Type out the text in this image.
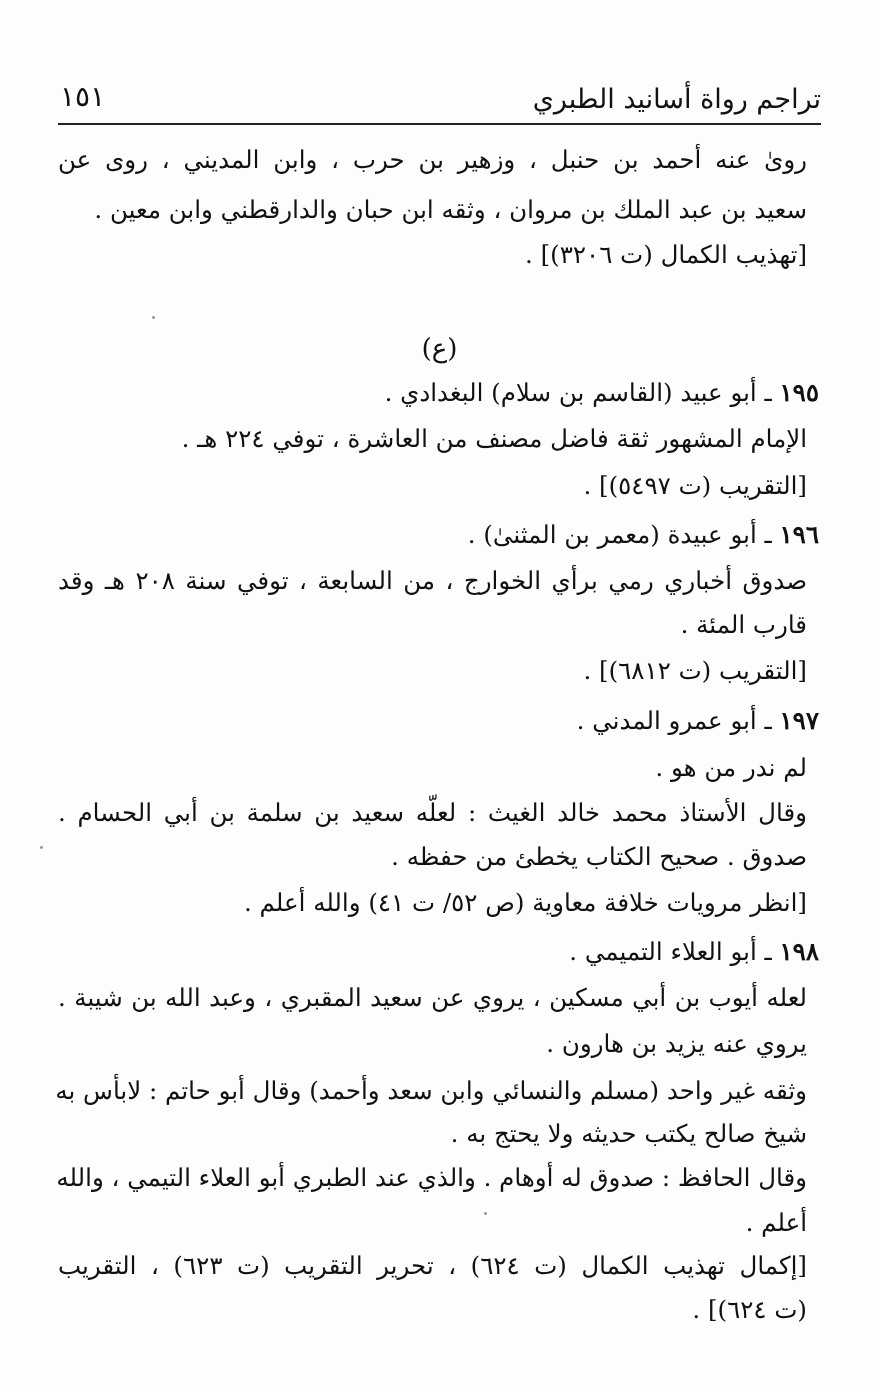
تراجم رواة أسانيد الطبري
١٥١
رویٰ عنه أحمد بن حنبل ، وزهير بن حرب ، وابن المديني ، روى عن
سعيد بن عبد الملك بن مروان ، وثقه ابن حبان والدارقطني وابن معين .
[تهذيب الكمال (ت ٣٢٠٦)] .
(ع)
١٩٥ ـ أبو عبيد (القاسم بن سلام) البغدادي .
الإمام المشهور ثقة فاضل مصنف من العاشرة ، توفي ٢٢٤ هـ .
[التقريب (ت ٥٤٩٧)] .
١٩٦ ـ أبو عبيدة (معمر بن المثنىٰ) .
صدوق أخباري رمي برأي الخوارج ، من السابعة ، توفي سنة ٢٠٨ هـ وقد
قارب المئة .
[التقريب (ت ٦٨١٢)] .
١٩٧ ـ أبو عمرو المدني .
لم ندر من هو .
وقال الأستاذ محمد خالد الغيث : لعلّه سعيد بن سلمة بن أبي الحسام .
صدوق . صحيح الكتاب يخطئ من حفظه .
[انظر مرويات خلافة معاوية (ص ٥٢/ ت ٤١) والله أعلم .
١٩٨ ـ أبو العلاء التميمي .
لعله أيوب بن أبي مسكين ، يروي عن سعيد المقبري ، وعبد الله بن شيبة .
يروي عنه يزيد بن هارون .
وثقه غير واحد (مسلم والنسائي وابن سعد وأحمد) وقال أبو حاتم : لابأس به
شيخ صالح يكتب حديثه ولا يحتج به .
وقال الحافظ : صدوق له أوهام . والذي عند الطبري أبو العلاء التيمي ، والله
أعلم .
[إكمال تهذيب الكمال (ت ٦٢٤) ، تحرير التقريب (ت ٦٢٣) ، التقريب
(ت ٦٢٤)] .
